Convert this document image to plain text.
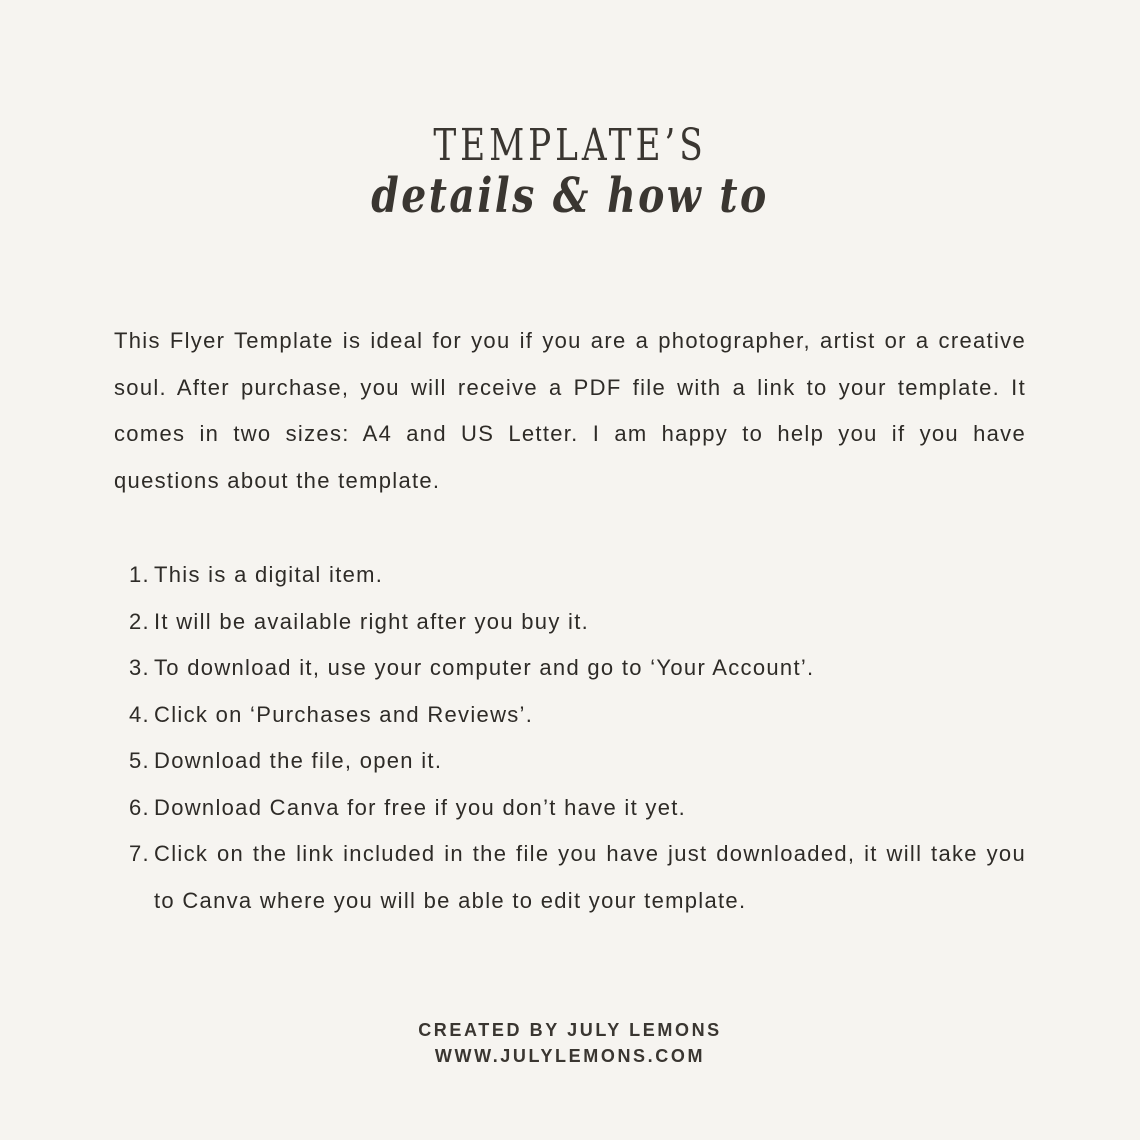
TEMPLATE’S
details & how to

This Flyer Template is ideal for you if you are a photographer, artist or a creative soul. After purchase, you will receive a PDF file with a link to your template. It comes in two sizes: A4 and US Letter. I am happy to help you if you have questions about the template.

1. This is a digital item.
2. It will be available right after you buy it.
3. To download it, use your computer and go to ‘Your Account’.
4. Click on ‘Purchases and Reviews’.
5. Download the file, open it.
6. Download Canva for free if you don’t have it yet.
7. Click on the link included in the file you have just downloaded, it will take you to Canva where you will be able to edit your template.

CREATED BY JULY LEMONS

WWW.JULYLEMONS.COM
